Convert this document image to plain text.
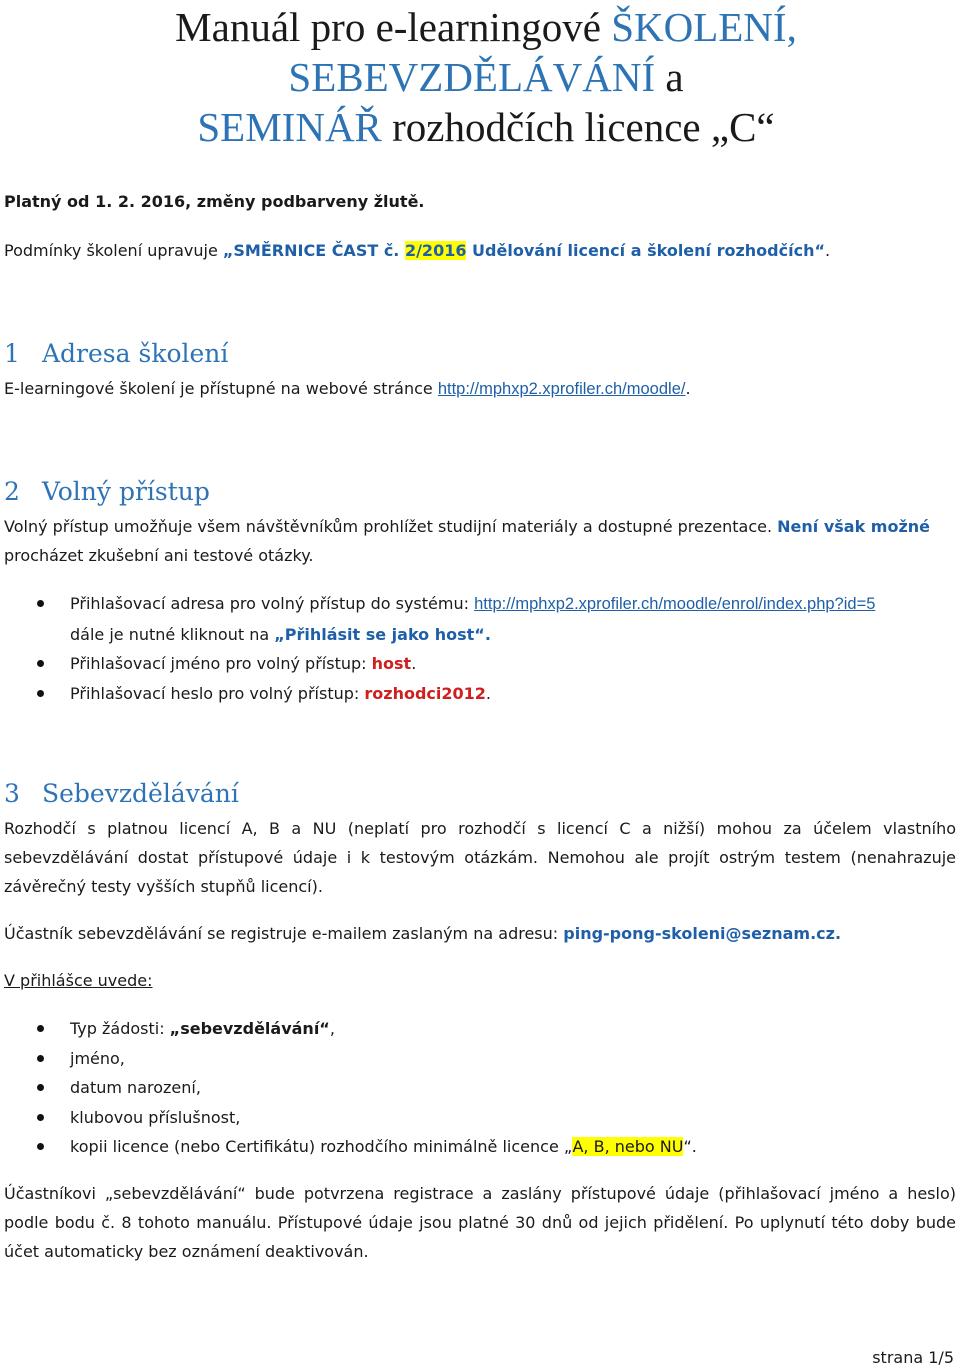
Manuál pro e-learningové ŠKOLENÍ, SEBEVZDĚLÁVÁNÍ a
SEMINÁŘ rozhodčích licence „C“
Platný od 1. 2. 2016, změny podbarveny žlutě.
Podmínky školení upravuje „SMĚRNICE ČAST č. 2/2016 Udělování licencí a školení rozhodčích“.
1 Adresa školení
E-learningové školení je přístupné na webové stránce http://mphxp2.xprofiler.ch/moodle/.
2 Volný přístup
Volný přístup umožňuje všem návštěvníkům prohlížet studijní materiály a dostupné prezentace. Není však možné
procházet zkušební ani testové otázky.
Přihlašovací adresa pro volný přístup do systému: http://mphxp2.xprofiler.ch/moodle/enrol/index.php?id=5
dále je nutné kliknout na „Přihlásit se jako host“.
Přihlašovací jméno pro volný přístup: host.
Přihlašovací heslo pro volný přístup: rozhodci2012.
3 Sebevzdělávání
Rozhodčí s platnou licencí A, B a NU (neplatí pro rozhodčí s licencí C a nižší) mohou za účelem vlastního sebevzdělávání dostat přístupové údaje i k testovým otázkám. Nemohou ale projít ostrým testem (nenahrazuje závěrečný testy vyšších stupňů licencí).
Účastník sebevzdělávání se registruje e-mailem zaslaným na adresu: ping-pong-skoleni@seznam.cz.
V přihlášce uvede:
Typ žádosti: „sebevzdělávání“,
jméno,
datum narození,
klubovou příslušnost,
kopii licence (nebo Certifikátu) rozhodčího minimálně licence „A, B, nebo NU“.
Účastníkovi „sebevzdělávání“ bude potvrzena registrace a zaslány přístupové údaje (přihlašovací jméno a heslo) podle bodu č. 8 tohoto manuálu. Přístupové údaje jsou platné 30 dnů od jejich přidělení. Po uplynutí této doby bude účet automaticky bez oznámení deaktivován.
strana 1/5
